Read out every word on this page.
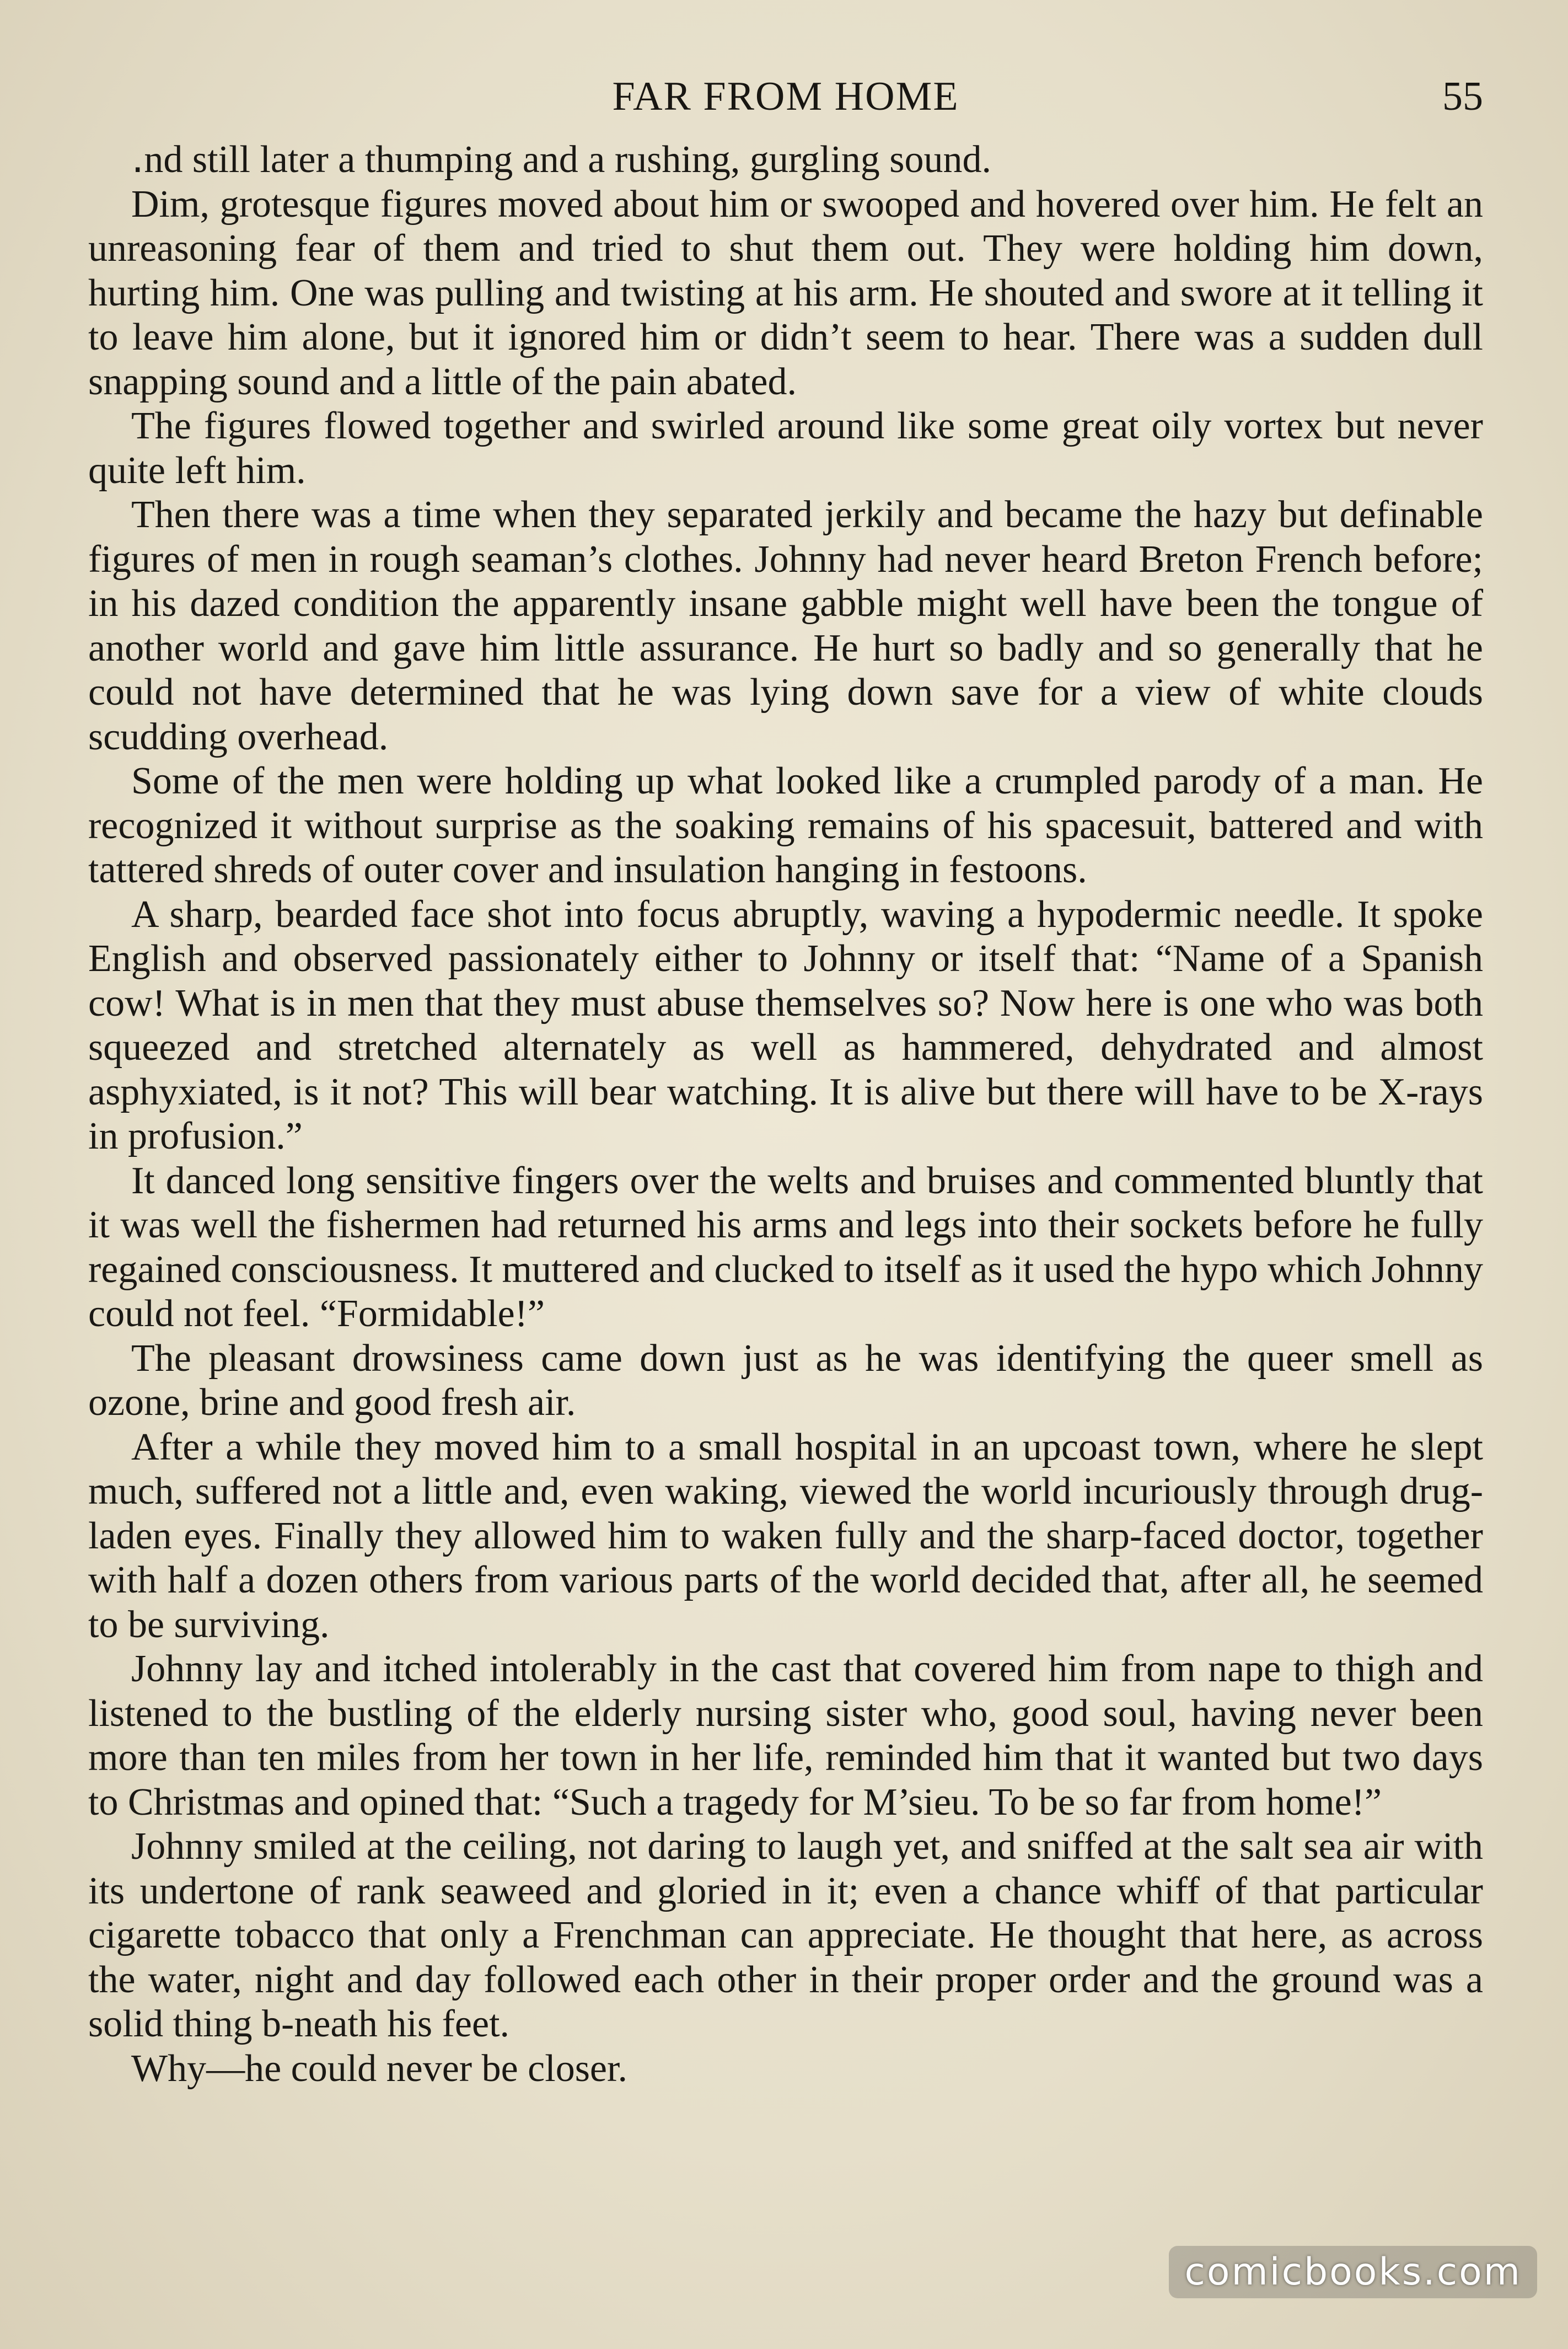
FAR FROM HOME	55

․nd still later a thumping and a rushing, gurgling sound.

Dim, grotesque figures moved about him or swooped and hovered over him. He felt an unreasoning fear of them and tried to shut them out. They were holding him down, hurting him. One was pulling and twisting at his arm. He shouted and swore at it telling it to leave him alone, but it ignored him or didn’t seem to hear. There was a sudden dull snapping sound and a little of the pain abated.

The figures flowed together and swirled around like some great oily vortex but never quite left him.

Then there was a time when they separated jerkily and became the hazy but definable figures of men in rough seaman’s clothes. Johnny had never heard Breton French before; in his dazed condition the apparently insane gabble might well have been the tongue of another world and gave him little assurance. He hurt so badly and so generally that he could not have determined that he was lying down save for a view of white clouds scudding overhead.

Some of the men were holding up what looked like a crumpled parody of a man. He recognized it without surprise as the soaking remains of his spacesuit, battered and with tattered shreds of outer cover and insulation hanging in festoons.

A sharp, bearded face shot into focus abruptly, waving a hypodermic needle. It spoke English and observed passionately either to Johnny or itself that: “Name of a Spanish cow! What is in men that they must abuse themselves so? Now here is one who was both squeezed and stretched alternately as well as hammered, dehydrated and almost asphyxiated, is it not? This will bear watching. It is alive but there will have to be X-rays in profusion.”

It danced long sensitive fingers over the welts and bruises and commented bluntly that it was well the fishermen had returned his arms and legs into their sockets before he fully regained consciousness. It muttered and clucked to itself as it used the hypo which Johnny could not feel. “Formidable!”

The pleasant drowsiness came down just as he was identifying the queer smell as ozone, brine and good fresh air.

After a while they moved him to a small hospital in an upcoast town, where he slept much, suffered not a little and, even waking, viewed the world incuriously through drug-laden eyes. Finally they allowed him to waken fully and the sharp-faced doctor, together with half a dozen others from various parts of the world decided that, after all, he seemed to be surviving.

Johnny lay and itched intolerably in the cast that covered him from nape to thigh and listened to the bustling of the elderly nursing sister who, good soul, having never been more than ten miles from her town in her life, reminded him that it wanted but two days to Christmas and opined that: “Such a tragedy for M’sieu. To be so far from home!”

Johnny smiled at the ceiling, not daring to laugh yet, and sniffed at the salt sea air with its undertone of rank seaweed and gloried in it; even a chance whiff of that particular cigarette tobacco that only a Frenchman can appreciate. He thought that here, as across the water, night and day followed each other in their proper order and the ground was a solid thing b‐neath his feet.

Why—he could never be closer.

comicbooks.com
